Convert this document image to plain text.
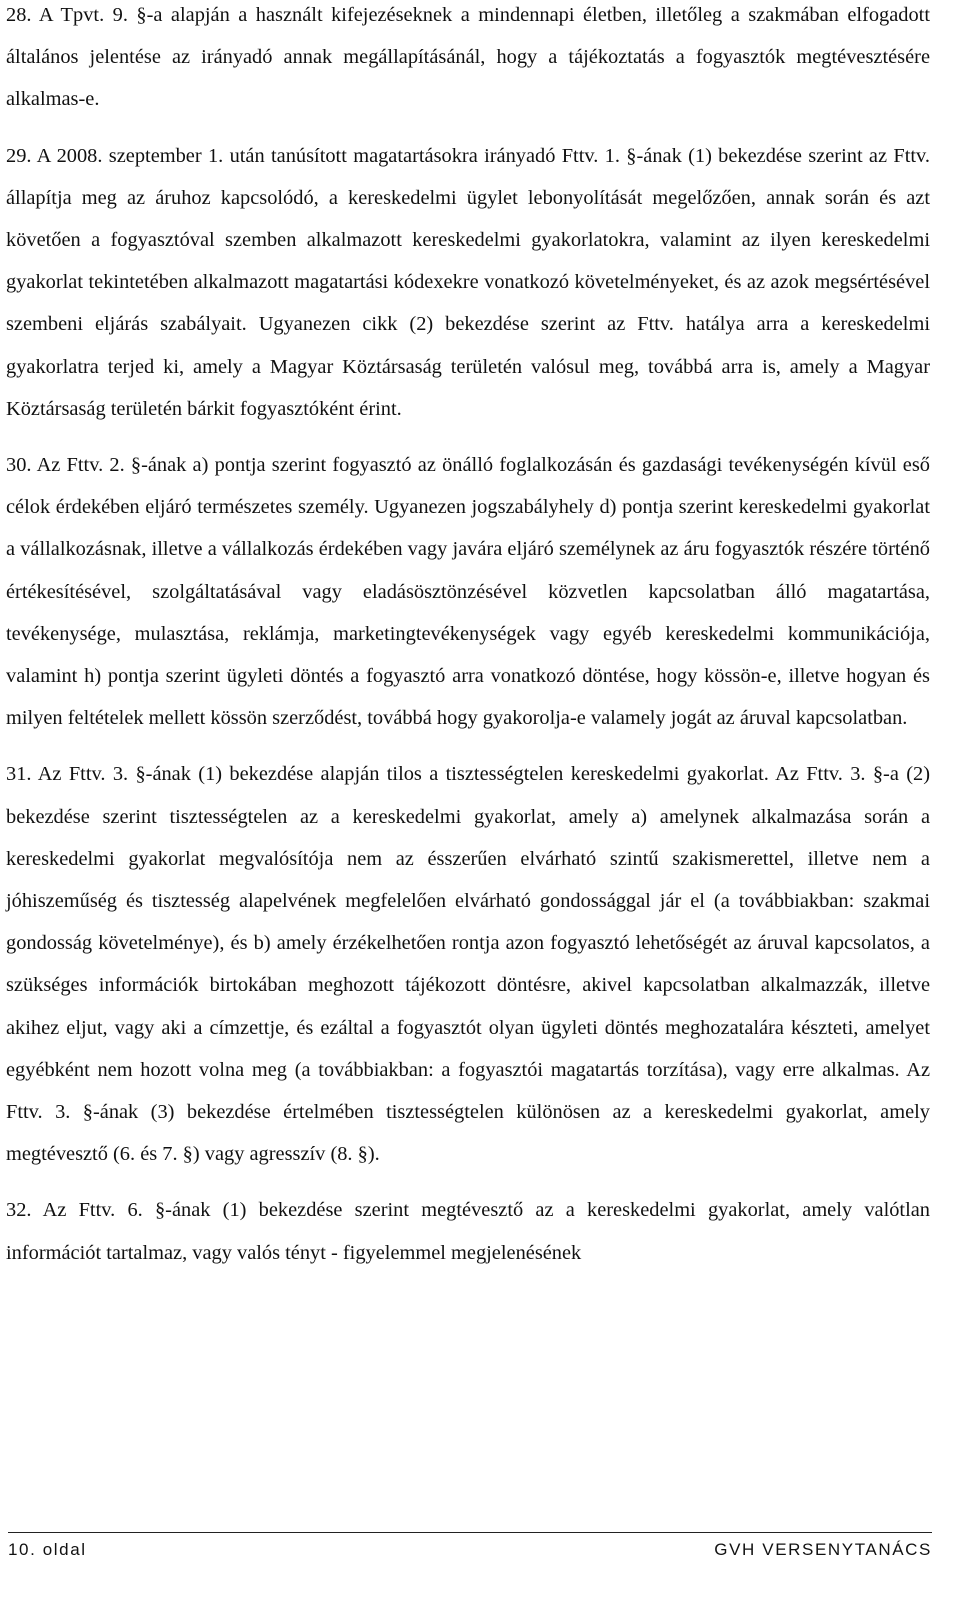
28. A Tpvt. 9. §-a alapján a használt kifejezéseknek a mindennapi életben, illetőleg a szakmában elfogadott általános jelentése az irányadó annak megállapításánál, hogy a tájékoztatás a fogyasztók megtévesztésére alkalmas-e.

29. A 2008. szeptember 1. után tanúsított magatartásokra irányadó Fttv. 1. §-ának (1) bekezdése szerint az Fttv. állapítja meg az áruhoz kapcsolódó, a kereskedelmi ügylet lebonyolítását megelőzően, annak során és azt követően a fogyasztóval szemben alkalmazott kereskedelmi gyakorlatokra, valamint az ilyen kereskedelmi gyakorlat tekintetében alkalmazott magatartási kódexekre vonatkozó követelményeket, és az azok megsértésével szembeni eljárás szabályait. Ugyanezen cikk (2) bekezdése szerint az Fttv. hatálya arra a kereskedelmi gyakorlatra terjed ki, amely a Magyar Köztársaság területén valósul meg, továbbá arra is, amely a Magyar Köztársaság területén bárkit fogyasztóként érint.

30. Az Fttv. 2. §-ának a) pontja szerint fogyasztó az önálló foglalkozásán és gazdasági tevékenységén kívül eső célok érdekében eljáró természetes személy. Ugyanezen jogszabályhely d) pontja szerint kereskedelmi gyakorlat a vállalkozásnak, illetve a vállalkozás érdekében vagy javára eljáró személynek az áru fogyasztók részére történő értékesítésével, szolgáltatásával vagy eladásösztönzésével közvetlen kapcsolatban álló magatartása, tevékenysége, mulasztása, reklámja, marketingtevékenységek vagy egyéb kereskedelmi kommunikációja, valamint h) pontja szerint ügyleti döntés a fogyasztó arra vonatkozó döntése, hogy kössön-e, illetve hogyan és milyen feltételek mellett kössön szerződést, továbbá hogy gyakorolja-e valamely jogát az áruval kapcsolatban.

31. Az Fttv. 3. §-ának (1) bekezdése alapján tilos a tisztességtelen kereskedelmi gyakorlat. Az Fttv. 3. §-a (2) bekezdése szerint tisztességtelen az a kereskedelmi gyakorlat, amely a) amelynek alkalmazása során a kereskedelmi gyakorlat megvalósítója nem az ésszerűen elvárható szintű szakismerettel, illetve nem a jóhiszeműség és tisztesség alapelvének megfelelően elvárható gondossággal jár el (a továbbiakban: szakmai gondosság követelménye), és b) amely érzékelhetően rontja azon fogyasztó lehetőségét az áruval kapcsolatos, a szükséges információk birtokában meghozott tájékozott döntésre, akivel kapcsolatban alkalmazzák, illetve akihez eljut, vagy aki a címzettje, és ezáltal a fogyasztót olyan ügyleti döntés meghozatalára készteti, amelyet egyébként nem hozott volna meg (a továbbiakban: a fogyasztói magatartás torzítása), vagy erre alkalmas. Az Fttv. 3. §-ának (3) bekezdése értelmében tisztességtelen különösen az a kereskedelmi gyakorlat, amely megtévesztő (6. és 7. §) vagy agresszív (8. §).

32. Az Fttv. 6. §-ának (1) bekezdése szerint megtévesztő az a kereskedelmi gyakorlat, amely valótlan információt tartalmaz, vagy valós tényt - figyelemmel megjelenésének

10. oldal	GVH VERSENYTANÁCS
